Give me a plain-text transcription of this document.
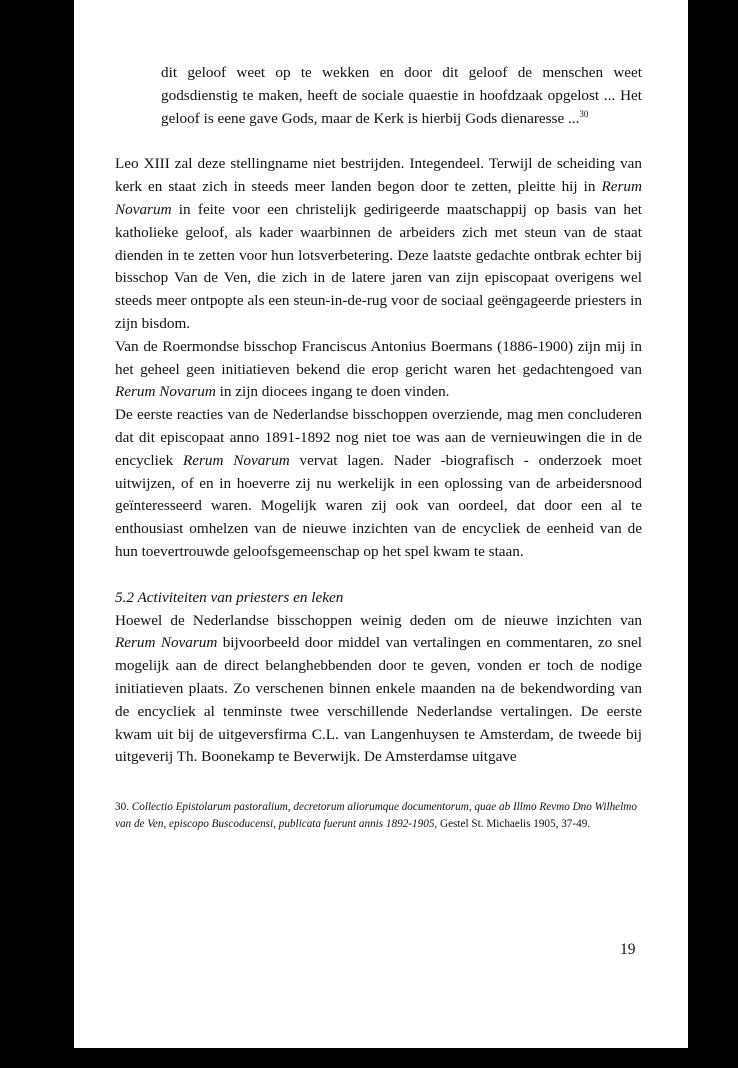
dit geloof weet op te wekken en door dit geloof de menschen weet godsdienstig te maken, heeft de sociale quaestie in hoofdzaak opgelost ... Het geloof is eene gave Gods, maar de Kerk is hierbij Gods dienaresse ...$^{30}$

Leo XIII zal deze stellingname niet bestrijden. Integendeel. Terwijl de scheiding van kerk en staat zich in steeds meer landen begon door te zetten, pleitte hij in Rerum Novarum in feite voor een christelijk gedirigeerde maatschappij op basis van het katholieke geloof, als kader waarbinnen de arbeiders zich met steun van de staat dienden in te zetten voor hun lotsverbetering. Deze laatste gedachte ontbrak echter bij bisschop Van de Ven, die zich in de latere jaren van zijn episcopaat overigens wel steeds meer ontpopte als een steun-in-de-rug voor de sociaal geëngageerde priesters in zijn bisdom.

Van de Roermondse bisschop Franciscus Antonius Boermans (1886-1900) zijn mij in het geheel geen initiatieven bekend die erop gericht waren het gedachtengoed van Rerum Novarum in zijn diocees ingang te doen vinden.

De eerste reacties van de Nederlandse bisschoppen overziende, mag men concluderen dat dit episcopaat anno 1891-1892 nog niet toe was aan de vernieuwingen die in de encycliek Rerum Novarum vervat lagen. Nader -biografisch - onderzoek moet uitwijzen, of en in hoeverre zij nu werkelijk in een oplossing van de arbeidersnood geïnteresseerd waren. Mogelijk waren zij ook van oordeel, dat door een al te enthousiast omhelzen van de nieuwe inzichten van de encycliek de eenheid van de hun toevertrouwde geloofsgemeenschap op het spel kwam te staan.

5.2 Activiteiten van priesters en leken

Hoewel de Nederlandse bisschoppen weinig deden om de nieuwe inzichten van Rerum Novarum bijvoorbeeld door middel van vertalingen en commentaren, zo snel mogelijk aan de direct belanghebbenden door te geven, vonden er toch de nodige initiatieven plaats. Zo verschenen binnen enkele maanden na de bekendwording van de encycliek al tenminste twee verschillende Nederlandse vertalingen. De eerste kwam uit bij de uitgeversfirma C.L. van Langenhuysen te Amsterdam, de tweede bij uitgeverij Th. Boonekamp te Beverwijk. De Amsterdamse uitgave

30. Collectio Epistolarum pastoralium, decretorum aliorumque documentorum, quae ab Illmo Revmo Dno Wilhelmo van de Ven, episcopo Buscoducensi, publicata fuerunt annis 1892-1905, Gestel St. Michaelis 1905, 37-49.

19
